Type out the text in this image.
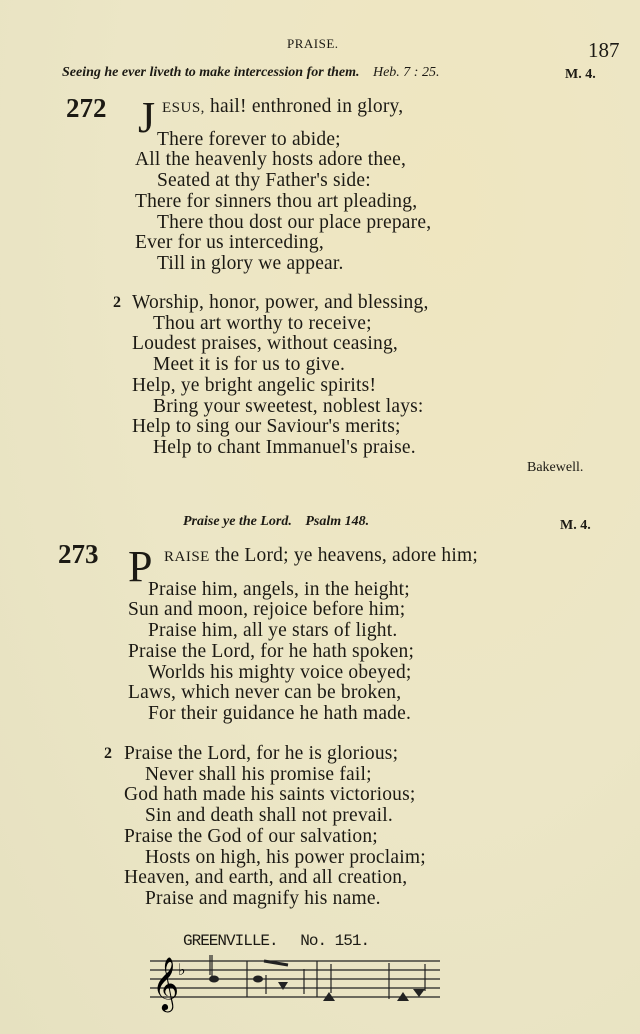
PRAISE.	187
Seeing he ever liveth to make intercession for them. Heb. 7 : 25.	M. 4.
272 J ESUS, hail! enthroned in glory,
There forever to abide;
All the heavenly hosts adore thee,
Seated at thy Father's side:
There for sinners thou art pleading,
There thou dost our place prepare,
Ever for us interceding,
Till in glory we appear.
2 Worship, honor, power, and blessing,
Thou art worthy to receive;
Loudest praises, without ceasing,
Meet it is for us to give.
Help, ye bright angelic spirits!
Bring your sweetest, noblest lays:
Help to sing our Saviour's merits;
Help to chant Immanuel's praise.
Bakewell.
Praise ye the Lord. Psalm 148.	M. 4.
273 P RAISE the Lord; ye heavens, adore him;
Praise him, angels, in the height;
Sun and moon, rejoice before him;
Praise him, all ye stars of light.
Praise the Lord, for he hath spoken;
Worlds his mighty voice obeyed;
Laws, which never can be broken,
For their guidance he hath made.
2 Praise the Lord, for he is glorious;
Never shall his promise fail;
God hath made his saints victorious;
Sin and death shall not prevail.
Praise the God of our salvation;
Hosts on high, his power proclaim;
Heaven, and earth, and all creation,
Praise and magnify his name.
GREENVILLE. No. 151.
𝄞
♭
